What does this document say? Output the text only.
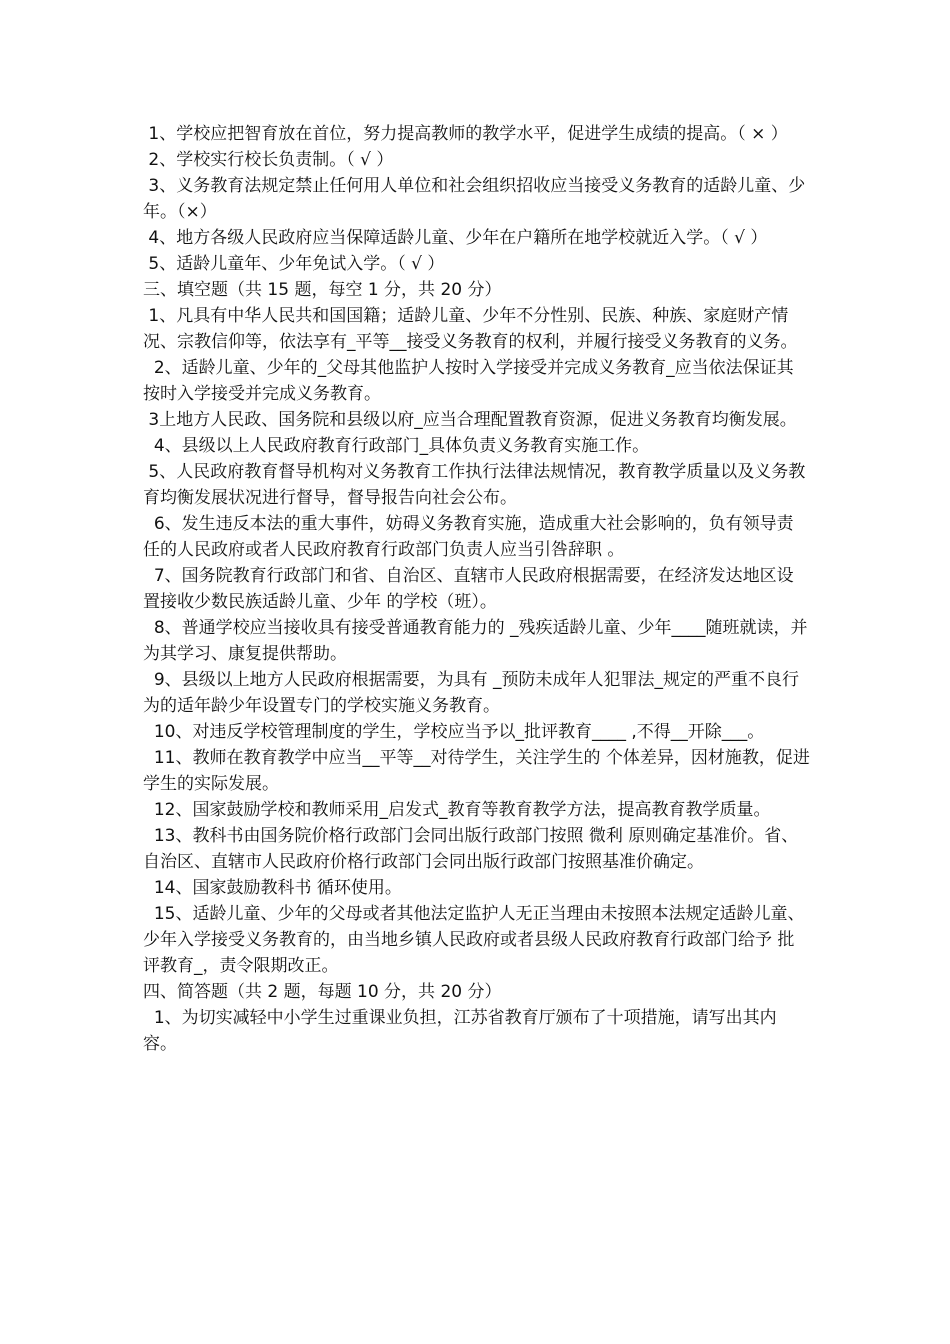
1、学校应把智育放在首位，努力提高教师的教学水平，促进学生成绩的提高。（ × ）

2、学校实行校长负责制。（ √ ）

3、义务教育法规定禁止任何用人单位和社会组织招收应当接受义务教育的适龄儿童、少年。（×）

4、地方各级人民政府应当保障适龄儿童、少年在户籍所在地学校就近入学。（ √ ）

5、适龄儿童年、少年免试入学。（ √ ）

三、填空题（共 15 题，每空 1 分，共 20 分）

1、凡具有中华人民共和国国籍；适龄儿童、少年不分性别、民族、种族、家庭财产情况、宗教信仰等，依法享有_平等__接受义务教育的权利，并履行接受义务教育的义务。

2、适龄儿童、少年的_父母其他监护人按时入学接受并完成义务教育_应当依法保证其按时入学接受并完成义务教育。

3上地方人民政、国务院和县级以府_应当合理配置教育资源，促进义务教育均衡发展。

4、县级以上人民政府教育行政部门_具体负责义务教育实施工作。

5、人民政府教育督导机构对义务教育工作执行法律法规情况，教育教学质量以及义务教育均衡发展状况进行督导，督导报告向社会公布。

6、发生违反本法的重大事件，妨碍义务教育实施，造成重大社会影响的，负有领导责任的人民政府或者人民政府教育行政部门负责人应当引咎辞职 。

7、国务院教育行政部门和省、自治区、直辖市人民政府根据需要，在经济发达地区设置接收少数民族适龄儿童、少年 的学校（班）。

8、普通学校应当接收具有接受普通教育能力的 _残疾适龄儿童、少年____随班就读，并为其学习、康复提供帮助。

9、县级以上地方人民政府根据需要，为具有 _预防未成年人犯罪法_规定的严重不良行为的适年龄少年设置专门的学校实施义务教育。

10、对违反学校管理制度的学生，学校应当予以_批评教育____ ,不得__开除___。

11、教师在教育教学中应当__平等__对待学生，关注学生的 个体差异，因材施教，促进学生的实际发展。

12、国家鼓励学校和教师采用_启发式_教育等教育教学方法，提高教育教学质量。

13、教科书由国务院价格行政部门会同出版行政部门按照 微利 原则确定基准价。省、自治区、直辖市人民政府价格行政部门会同出版行政部门按照基准价确定。

14、国家鼓励教科书 循环使用。

15、适龄儿童、少年的父母或者其他法定监护人无正当理由未按照本法规定适龄儿童、少年入学接受义务教育的，由当地乡镇人民政府或者县级人民政府教育行政部门给予 批评教育_，责令限期改正。

四、简答题（共 2 题，每题 10 分，共 20 分）

1、为切实减轻中小学生过重课业负担，江苏省教育厅颁布了十项措施，请写出其内容。
